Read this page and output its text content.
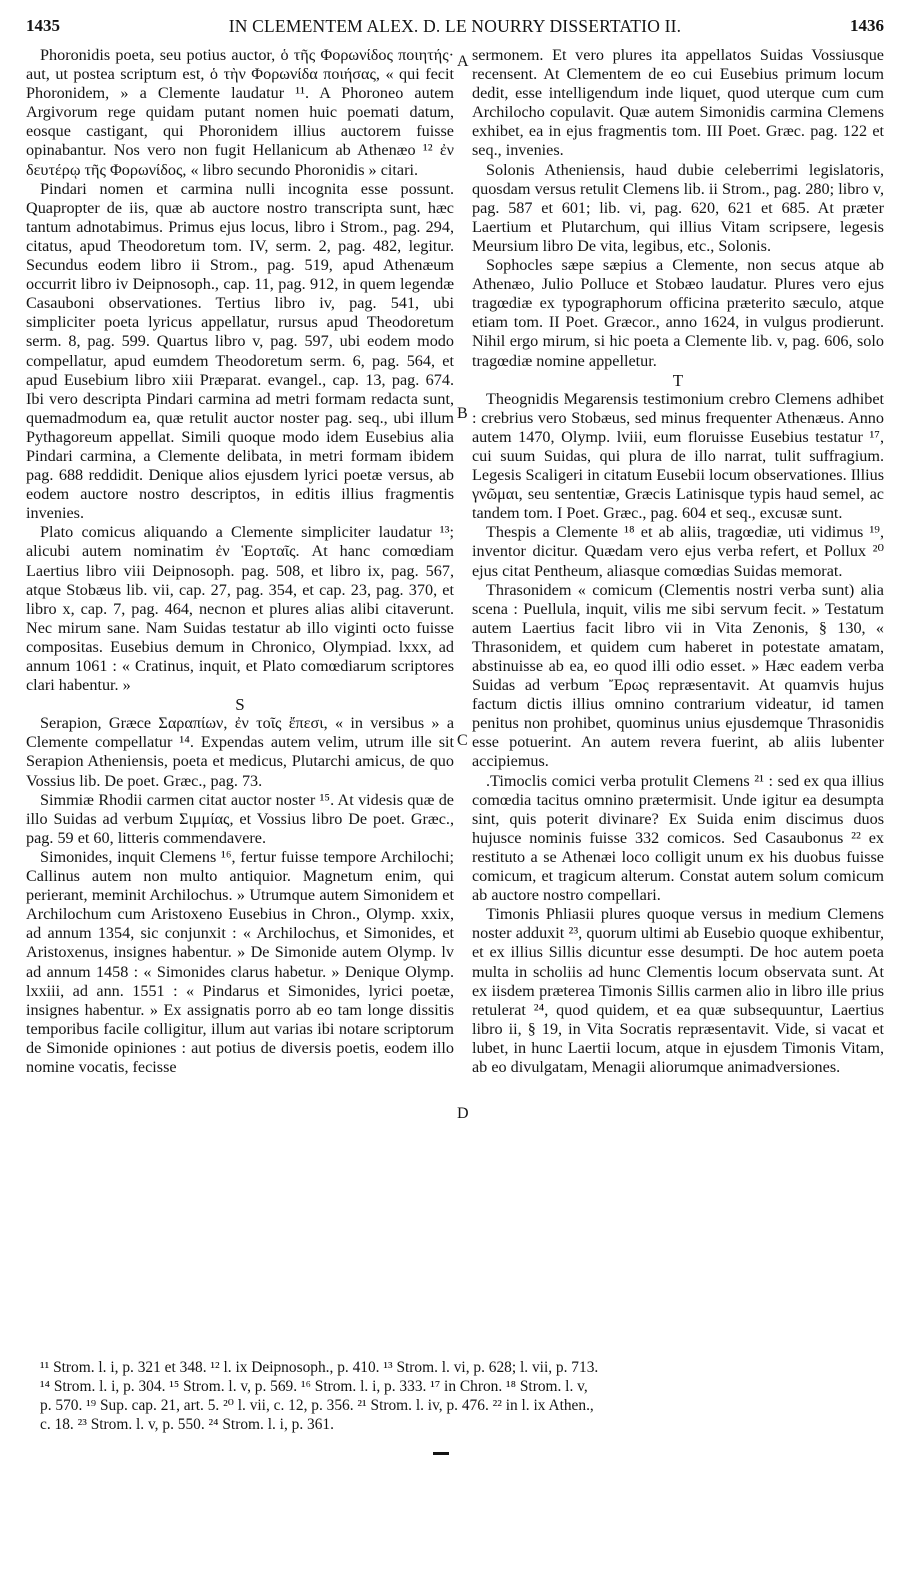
1435	IN CLEMENTEM ALEX. D. LE NOURRY DISSERTATIO II.	1436

Phoronidis poeta, seu potius auctor, ὁ τῆς Φορωνίδος ποιητής· aut, ut postea scriptum est, ὁ τὴν Φορωνίδα ποιήσας, « qui fecit Phoronidem, » a Clemente laudatur ¹¹. A Phoroneo autem Argivorum rege quidam putant nomen huic poemati datum, eosque castigant, qui Phoronidem illius auctorem fuisse opinabantur. Nos vero non fugit Hellanicum ab Athenæo ¹² ἐν δευτέρῳ τῆς Φορωνίδος, « libro secundo Phoronidis » citari.

Pindari nomen et carmina nulli incognita esse possunt. Quapropter de iis, quæ ab auctore nostro transcripta sunt, hæc tantum adnotabimus. Primus ejus locus, libro i Strom., pag. 294, citatus, apud Theodoretum tom. IV, serm. 2, pag. 482, legitur. Secundus eodem libro ii Strom., pag. 519, apud Athenæum occurrit libro iv Deipnosoph., cap. 11, pag. 912, in quem legendæ Casauboni observationes. Tertius libro iv, pag. 541, ubi simpliciter poeta lyricus appellatur, rursus apud Theodoretum serm. 8, pag. 599. Quartus libro v, pag. 597, ubi eodem modo compellatur, apud eumdem Theodoretum serm. 6, pag. 564, et apud Eusebium libro xiii Præparat. evangel., cap. 13, pag. 674. Ibi vero descripta Pindari carmina ad metri formam redacta sunt, quemadmodum ea, quæ retulit auctor noster pag. seq., ubi illum Pythagoreum appellat. Simili quoque modo idem Eusebius alia Pindari carmina, a Clemente delibata, in metri formam ibidem pag. 688 reddidit. Denique alios ejusdem lyrici poetæ versus, ab eodem auctore nostro descriptos, in editis illius fragmentis invenies.

Plato comicus aliquando a Clemente simpliciter laudatur ¹³; alicubi autem nominatim ἐν Ἑορταῖς. At hanc comœdiam Laertius libro viii Deipnosoph. pag. 508, et libro ix, pag. 567, atque Stobæus lib. vii, cap. 27, pag. 354, et cap. 23, pag. 370, et libro x, cap. 7, pag. 464, necnon et plures alias alibi citaverunt. Nec mirum sane. Nam Suidas testatur ab illo viginti octo fuisse compositas. Eusebius demum in Chronico, Olympiad. lxxx, ad annum 1061 : « Cratinus, inquit, et Plato comœdiarum scriptores clari habentur. »

S

Serapion, Græce Σαραπίων, ἐν τοῖς ἔπεσι, « in versibus » a Clemente compellatur ¹⁴. Expendas autem velim, utrum ille sit Serapion Atheniensis, poeta et medicus, Plutarchi amicus, de quo Vossius lib. De poet. Græc., pag. 73.

Simmiæ Rhodii carmen citat auctor noster ¹⁵. At videsis quæ de illo Suidas ad verbum Σιμμίας, et Vossius libro De poet. Græc., pag. 59 et 60, litteris commendavere.

Simonides, inquit Clemens ¹⁶, fertur fuisse tempore Archilochi; Callinus autem non multo antiquior. Magnetum enim, qui perierant, meminit Archilochus. » Utrumque autem Simonidem et Archilochum cum Aristoxeno Eusebius in Chron., Olymp. xxix, ad annum 1354, sic conjunxit : « Archilochus, et Simonides, et Aristoxenus, insignes habentur. » De Simonide autem Olymp. lv ad annum 1458 : « Simonides clarus habetur. » Denique Olymp. lxxiii, ad ann. 1551 : « Pindarus et Simonides, lyrici poetæ, insignes habentur. » Ex assignatis porro ab eo tam longe dissitis temporibus facile colligitur, illum aut varias ibi notare scriptorum de Simonide opiniones : aut potius de diversis poetis, eodem illo nomine vocatis, fecisse

sermonem. Et vero plures ita appellatos Suidas Vossiusque recensent. At Clementem de eo cui Eusebius primum locum dedit, esse intelligendum inde liquet, quod uterque cum cum Archilocho copulavit. Quæ autem Simonidis carmina Clemens exhibet, ea in ejus fragmentis tom. III Poet. Græc. pag. 122 et seq., invenies.

Solonis Atheniensis, haud dubie celeberrimi legislatoris, quosdam versus retulit Clemens lib. ii Strom., pag. 280; libro v, pag. 587 et 601; lib. vi, pag. 620, 621 et 685. At præter Laertium et Plutarchum, qui illius Vitam scripsere, legesis Meursium libro De vita, legibus, etc., Solonis.

Sophocles sæpe sæpius a Clemente, non secus atque ab Athenæo, Julio Polluce et Stobæo laudatur. Plures vero ejus tragœdiæ ex typographorum officina præterito sæculo, atque etiam tom. II Poet. Græcor., anno 1624, in vulgus prodierunt. Nihil ergo mirum, si hic poeta a Clemente lib. v, pag. 606, solo tragœdiæ nomine appelletur.

T

Theognidis Megarensis testimonium crebro Clemens adhibet : crebrius vero Stobæus, sed minus frequenter Athenæus. Anno autem 1470, Olymp. lviii, eum floruisse Eusebius testatur ¹⁷, cui suum Suidas, qui plura de illo narrat, tulit suffragium. Legesis Scaligeri in citatum Eusebii locum observationes. Illius γνῶμαι, seu sententiæ, Græcis Latinisque typis haud semel, ac tandem tom. I Poet. Græc., pag. 604 et seq., excusæ sunt.

Thespis a Clemente ¹⁸ et ab aliis, tragœdiæ, uti vidimus ¹⁹, inventor dicitur. Quædam vero ejus verba refert, et Pollux ²⁰ ejus citat Pentheum, aliasque comœdias Suidas memorat.

Thrasonidem « comicum (Clementis nostri verba sunt) alia scena : Puellula, inquit, vilis me sibi servum fecit. » Testatum autem Laertius facit libro vii in Vita Zenonis, § 130, « Thrasonidem, et quidem cum haberet in potestate amatam, abstinuisse ab ea, eo quod illi odio esset. » Hæc eadem verba Suidas ad verbum Ἔρως repræsentavit. At quamvis hujus factum dictis illius omnino contrarium videatur, id tamen penitus non prohibet, quominus unius ejusdemque Thrasonidis esse potuerint. An autem revera fuerint, ab aliis lubenter accipiemus.

.Timoclis comici verba protulit Clemens ²¹ : sed ex qua illius comœdia tacitus omnino prætermisit. Unde igitur ea desumpta sint, quis poterit divinare? Ex Suida enim discimus duos hujusce nominis fuisse 332 comicos. Sed Casaubonus ²² ex restituto a se Athenæi loco colligit unum ex his duobus fuisse comicum, et tragicum alterum. Constat autem solum comicum ab auctore nostro compellari.

Timonis Phliasii plures quoque versus in medium Clemens noster adduxit ²³, quorum ultimi ab Eusebio quoque exhibentur, et ex illius Sillis dicuntur esse desumpti. De hoc autem poeta multa in scholiis ad hunc Clementis locum observata sunt. At ex iisdem præterea Timonis Sillis carmen alio in libro ille prius retulerat ²⁴, quod quidem, et ea quæ subsequuntur, Laertius libro ii, § 19, in Vita Socratis repræsentavit. Vide, si vacat et lubet, in hunc Laertii locum, atque in ejusdem Timonis Vitam, ab eo divulgatam, Menagii aliorumque animadversiones.

A
B
C
D

¹¹ Strom. l. i, p. 321 et 348. ¹² l. ix Deipnosoph., p. 410. ¹³ Strom. l. vi, p. 628; l. vii, p. 713.

¹⁴ Strom. l. i, p. 304. ¹⁵ Strom. l. v, p. 569. ¹⁶ Strom. l. i, p. 333. ¹⁷ in Chron. ¹⁸ Strom. l. v,

p. 570. ¹⁹ Sup. cap. 21, art. 5. ²⁰ l. vii, c. 12, p. 356. ²¹ Strom. l. iv, p. 476. ²² in l. ix Athen.,

c. 18. ²³ Strom. l. v, p. 550. ²⁴ Strom. l. i, p. 361.
